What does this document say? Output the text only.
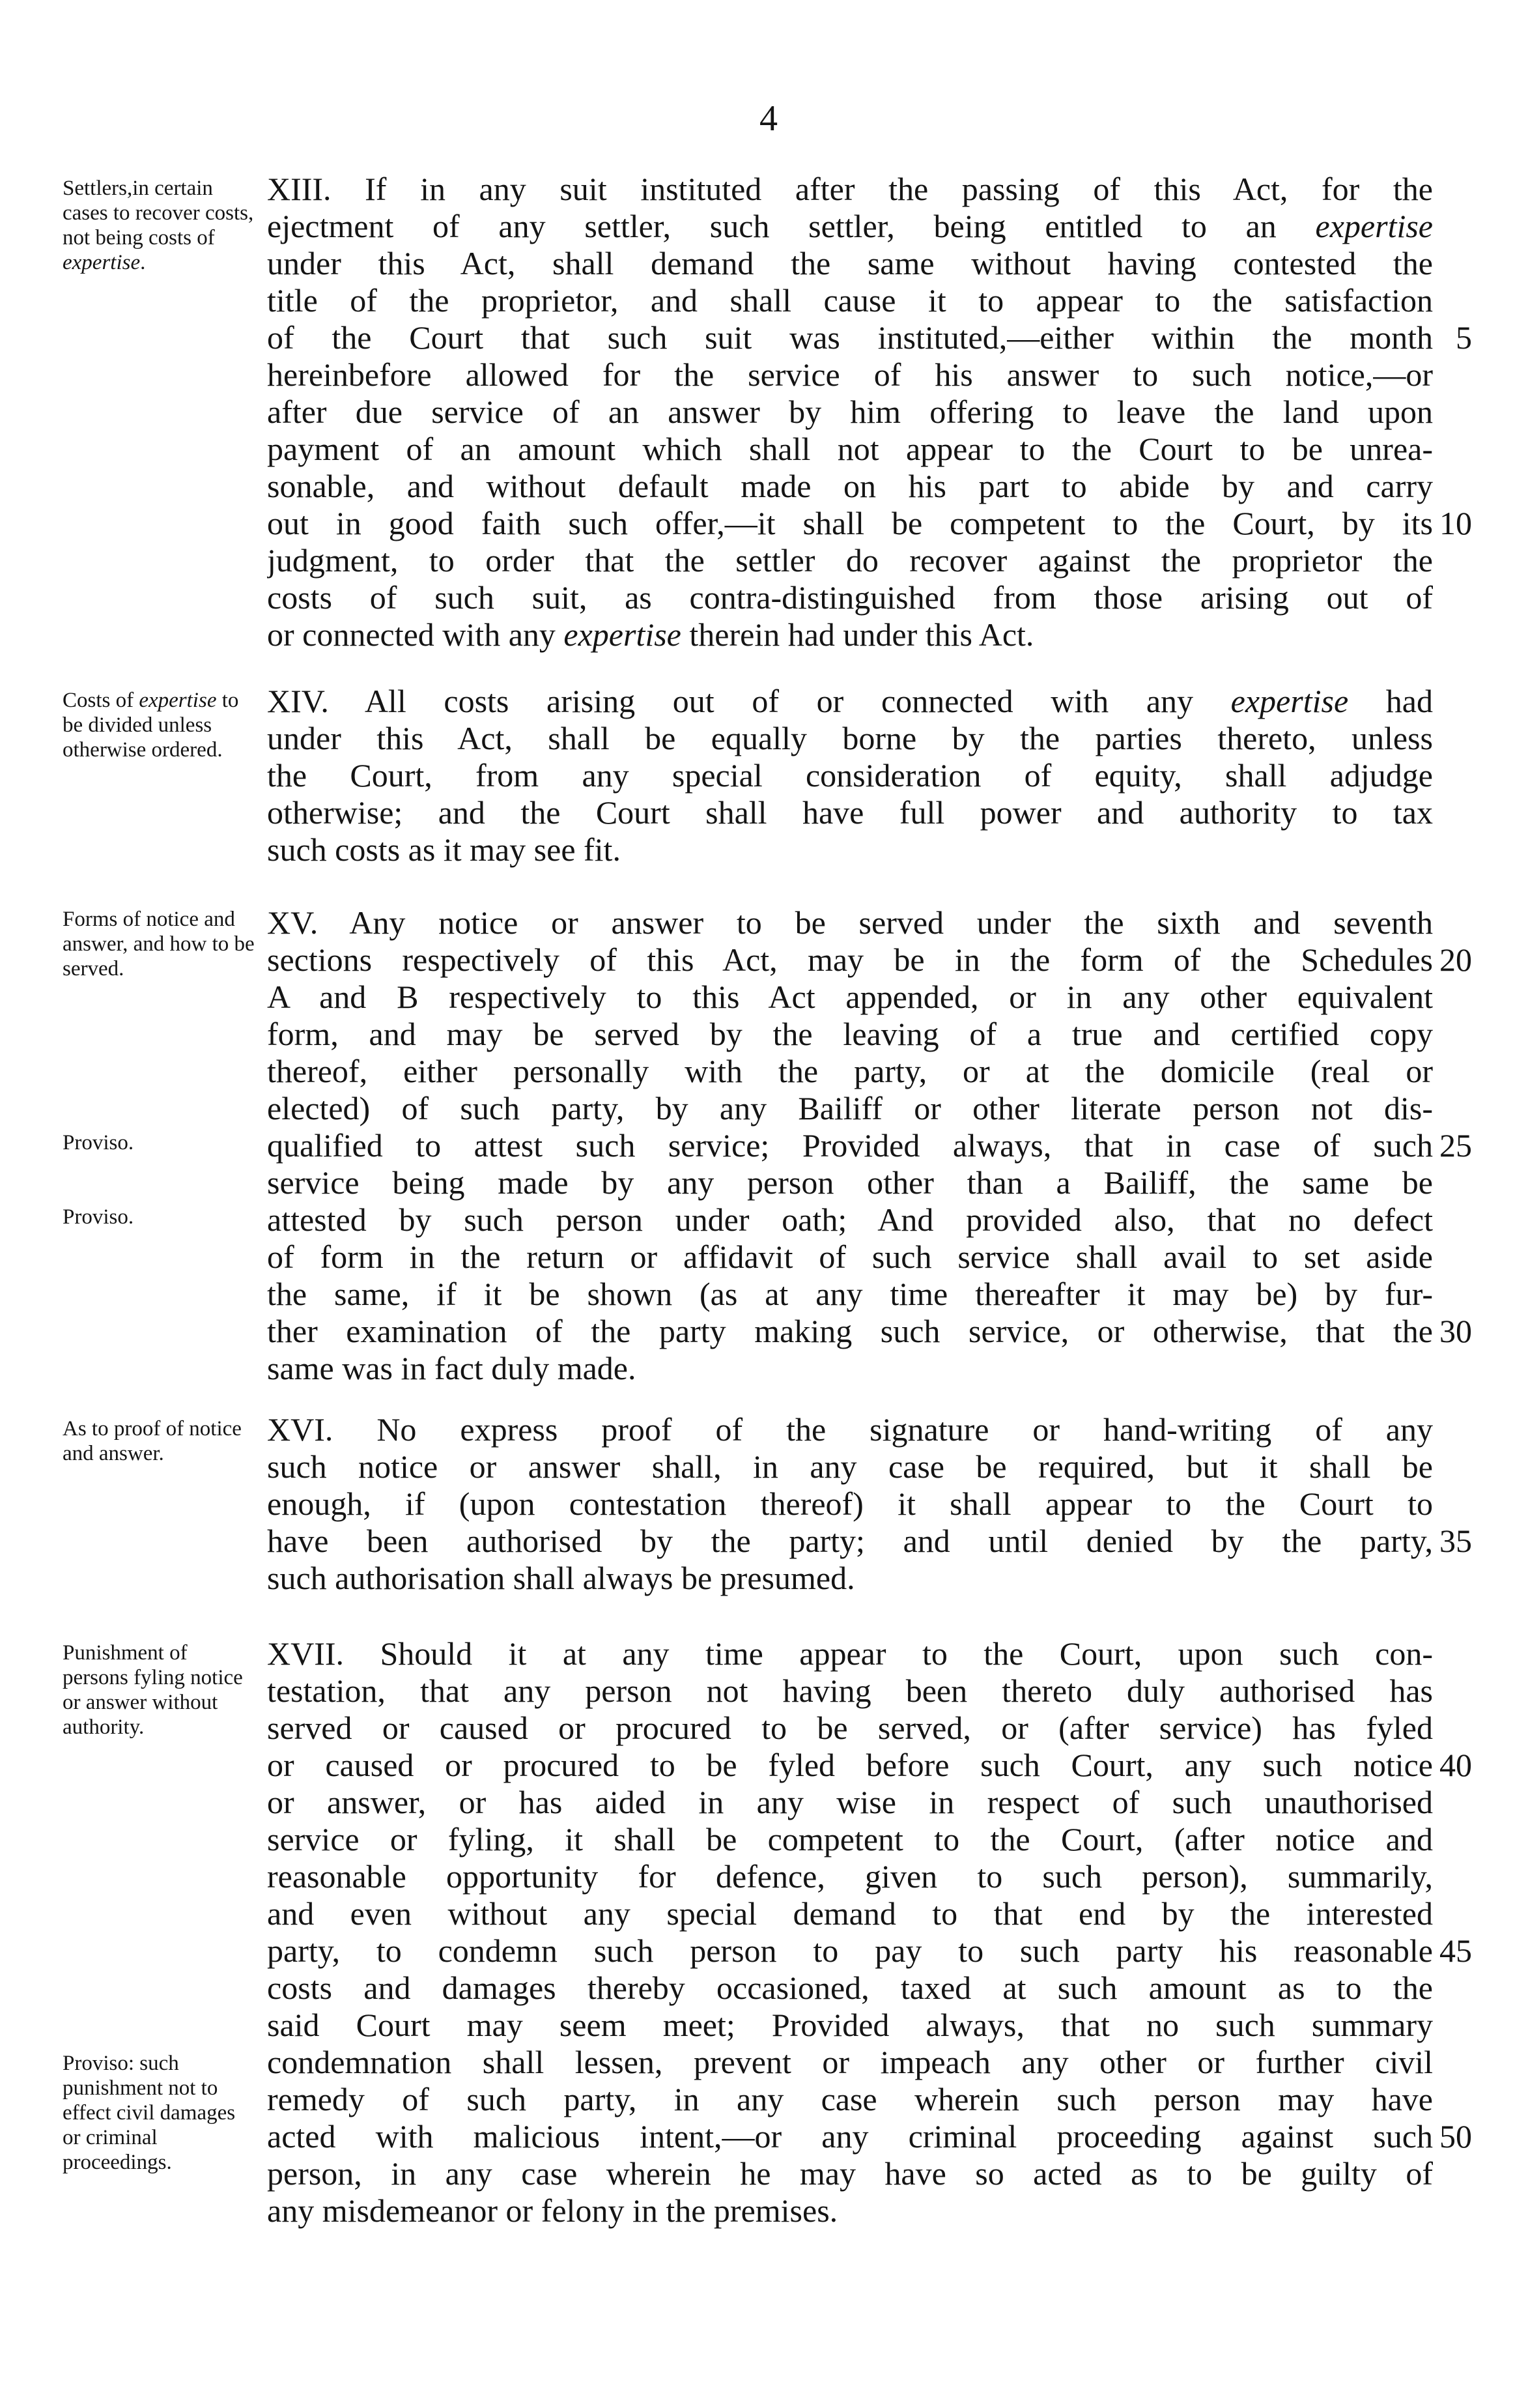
4
Settlers,in certain cases to recover costs, not being costs of expertise.
XIII. If in any suit instituted after the passing of this Act, for the
ejectment of any settler, such settler, being entitled to an expertise
under this Act, shall demand the same without having contested the
title of the proprietor, and shall cause it to appear to the satisfaction
of the Court that such suit was instituted,—either within the month
hereinbefore allowed for the service of his answer to such notice,—or
after due service of an answer by him offering to leave the land upon
payment of an amount which shall not appear to the Court to be unrea-
sonable, and without default made on his part to abide by and carry
out in good faith such offer,—it shall be competent to the Court, by its
judgment, to order that the settler do recover against the proprietor the
costs of such suit, as contra-distinguished from those arising out of
or connected with any expertise therein had under this Act.
5
10
Costs of expertise to be divided unless otherwise ordered.
XIV. All costs arising out of or connected with any expertise had
under this Act, shall be equally borne by the parties thereto, unless
the Court, from any special consideration of equity, shall adjudge
otherwise; and the Court shall have full power and authority to tax
such costs as it may see fit.
Forms of notice and answer, and how to be served.
Proviso.
Proviso.
XV. Any notice or answer to be served under the sixth and seventh
sections respectively of this Act, may be in the form of the Schedules
A and B respectively to this Act appended, or in any other equivalent
form, and may be served by the leaving of a true and certified copy
thereof, either personally with the party, or at the domicile (real or
elected) of such party, by any Bailiff or other literate person not dis-
qualified to attest such service; Provided always, that in case of such
service being made by any person other than a Bailiff, the same be
attested by such person under oath; And provided also, that no defect
of form in the return or affidavit of such service shall avail to set aside
the same, if it be shown (as at any time thereafter it may be) by fur-
ther examination of the party making such service, or otherwise, that the
same was in fact duly made.
20
25
30
As to proof of notice and answer.
XVI. No express proof of the signature or hand-writing of any
such notice or answer shall, in any case be required, but it shall be
enough, if (upon contestation thereof) it shall appear to the Court to
have been authorised by the party; and until denied by the party,
such authorisation shall always be presumed.
35
Punishment of persons fyling notice or answer without authority.
Proviso: such punishment not to effect civil damages or criminal proceedings.
XVII. Should it at any time appear to the Court, upon such con-
testation, that any person not having been thereto duly authorised has
served or caused or procured to be served, or (after service) has fyled
or caused or procured to be fyled before such Court, any such notice
or answer, or has aided in any wise in respect of such unauthorised
service or fyling, it shall be competent to the Court, (after notice and
reasonable opportunity for defence, given to such person), summarily,
and even without any special demand to that end by the interested
party, to condemn such person to pay to such party his reasonable
costs and damages thereby occasioned, taxed at such amount as to the
said Court may seem meet; Provided always, that no such summary
condemnation shall lessen, prevent or impeach any other or further civil
remedy of such party, in any case wherein such person may have
acted with malicious intent,—or any criminal proceeding against such
person, in any case wherein he may have so acted as to be guilty of
any misdemeanor or felony in the premises.
40
45
50
